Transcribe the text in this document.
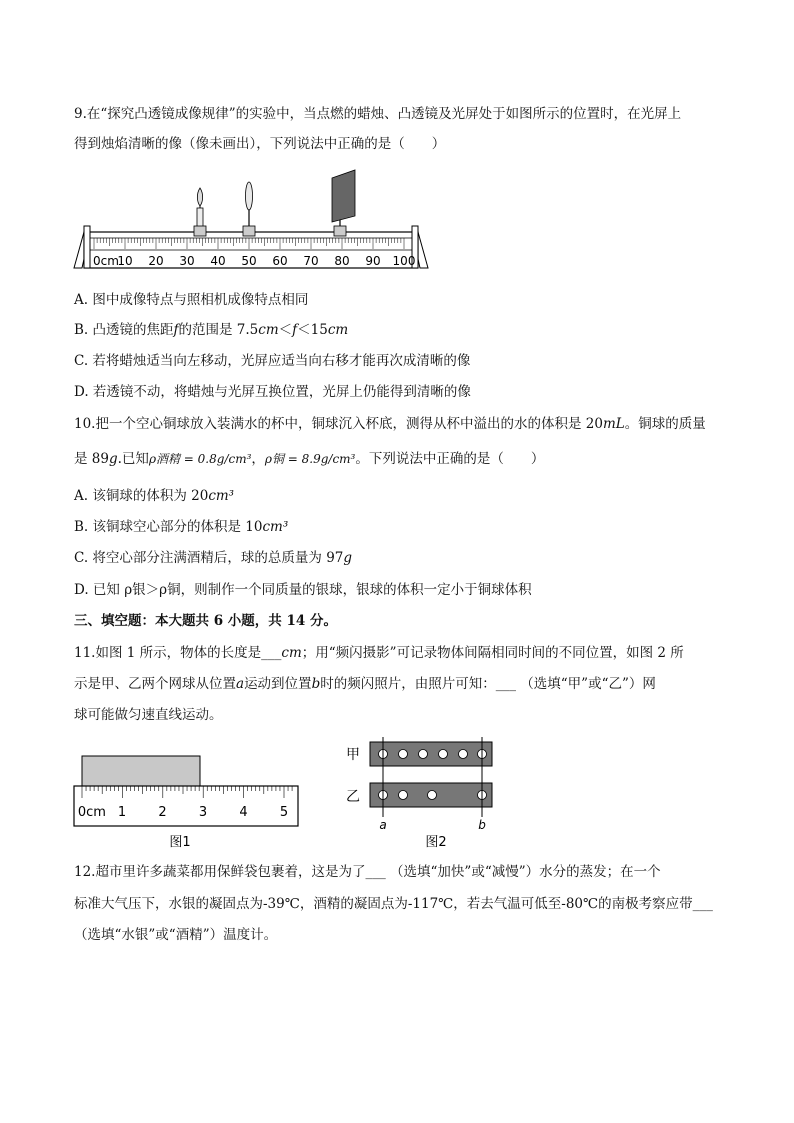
9.在“探究凸透镜成像规律”的实验中，当点燃的蜡烛、凸透镜及光屏处于如图所示的位置时，在光屏上
得到烛焰清晰的像（像未画出），下列说法中正确的是（　　）
0cm
10 20 30 40 50 60 70 80 90 100
A. 图中成像特点与照相机成像特点相同
B. 凸透镜的焦距f的范围是 7.5cm＜f＜15cm
C. 若将蜡烛适当向左移动，光屏应适当向右移才能再次成清晰的像
D. 若透镜不动，将蜡烛与光屏互换位置，光屏上仍能得到清晰的像
10.把一个空心铜球放入装满水的杯中，铜球沉入杯底，测得从杯中溢出的水的体积是 20mL。铜球的质量
是 89g.已知ρ酒精 = 0.8g/cm³，ρ铜 = 8.9g/cm³。下列说法中正确的是（　　）
A. 该铜球的体积为 20cm³
B. 该铜球空心部分的体积是 10cm³
C. 将空心部分注满酒精后，球的总质量为 97g
D. 已知 ρ银＞ρ铜，则制作一个同质量的银球，银球的体积一定小于铜球体积
三、填空题：本大题共 6 小题，共 14 分。
11.如图 1 所示，物体的长度是___cm；用“频闪摄影”可记录物体间隔相同时间的不同位置，如图 2 所
示是甲、乙两个网球从位置a运动到位置b时的频闪照片，由照片可知：___ （选填“甲”或“乙”）网
球可能做匀速直线运动。
0 cm 1 2 3 4 5
图1
甲
乙
a	b
图2
12.超市里许多蔬菜都用保鲜袋包裹着，这是为了___ （选填“加快”或“减慢”）水分的蒸发；在一个
标准大气压下，水银的凝固点为-39℃，酒精的凝固点为-117℃，若去气温可低至-80℃的南极考察应带___
（选填“水银”或“酒精”）温度计。
